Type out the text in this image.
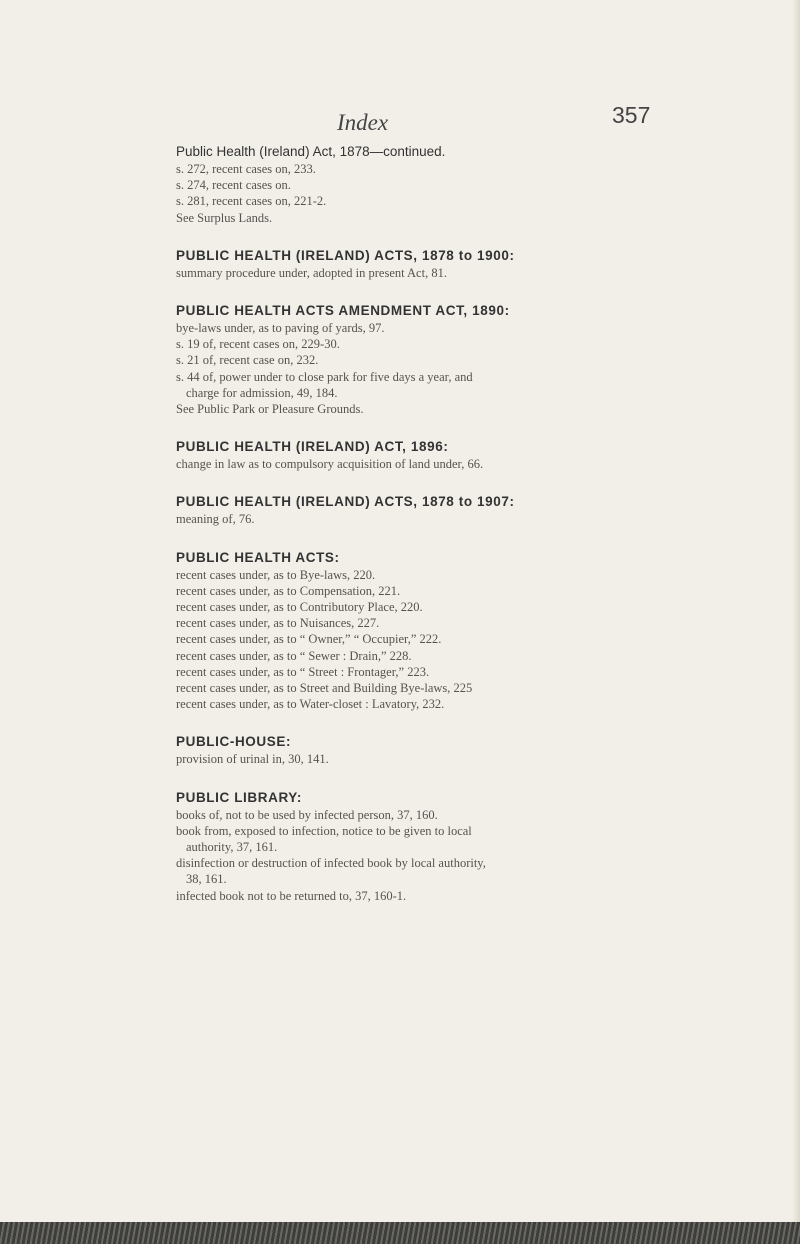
Index	357
Public Health (Ireland) Act, 1878—continued.
s. 272, recent cases on, 233.
s. 274, recent cases on.
s. 281, recent cases on, 221-2.
See Surplus Lands.
PUBLIC HEALTH (IRELAND) ACTS, 1878 to 1900:
summary procedure under, adopted in present Act, 81.
PUBLIC HEALTH ACTS AMENDMENT ACT, 1890:
bye-laws under, as to paving of yards, 97.
s. 19 of, recent cases on, 229-30.
s. 21 of, recent case on, 232.
s. 44 of, power under to close park for five days a year, and
charge for admission, 49, 184.
See Public Park or Pleasure Grounds.
PUBLIC HEALTH (IRELAND) ACT, 1896:
change in law as to compulsory acquisition of land under, 66.
PUBLIC HEALTH (IRELAND) ACTS, 1878 to 1907:
meaning of, 76.
PUBLIC HEALTH ACTS:
recent cases under, as to Bye-laws, 220.
recent cases under, as to Compensation, 221.
recent cases under, as to Contributory Place, 220.
recent cases under, as to Nuisances, 227.
recent cases under, as to “ Owner,” “ Occupier,” 222.
recent cases under, as to “ Sewer : Drain,” 228.
recent cases under, as to “ Street : Frontager,” 223.
recent cases under, as to Street and Building Bye-laws, 225
recent cases under, as to Water-closet : Lavatory, 232.
PUBLIC-HOUSE:
provision of urinal in, 30, 141.
PUBLIC LIBRARY:
books of, not to be used by infected person, 37, 160.
book from, exposed to infection, notice to be given to local
authority, 37, 161.
disinfection or destruction of infected book by local authority,
38, 161.
infected book not to be returned to, 37, 160-1.
